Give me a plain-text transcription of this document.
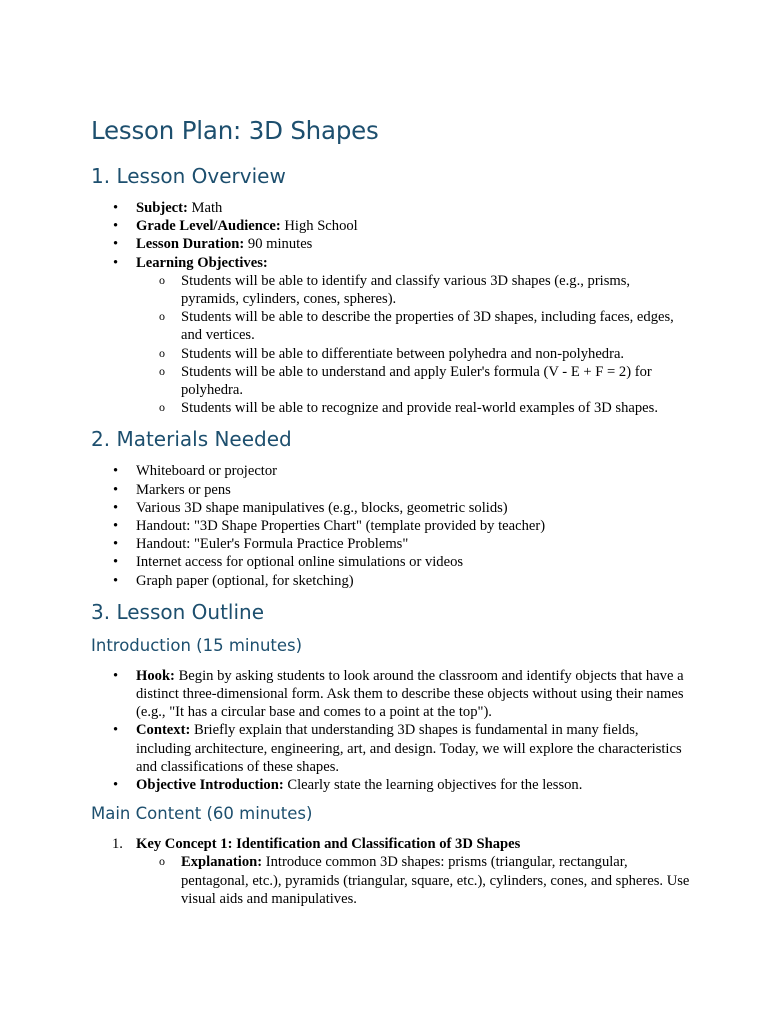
Lesson Plan: 3D Shapes
1. Lesson Overview
• Subject: Math
• Grade Level/Audience: High School
• Lesson Duration: 90 minutes
• Learning Objectives:
o Students will be able to identify and classify various 3D shapes (e.g., prisms, pyramids, cylinders, cones, spheres).
o Students will be able to describe the properties of 3D shapes, including faces, edges, and vertices.
o Students will be able to differentiate between polyhedra and non-polyhedra.
o Students will be able to understand and apply Euler's formula (V - E + F = 2) for polyhedra.
o Students will be able to recognize and provide real-world examples of 3D shapes.
2. Materials Needed
• Whiteboard or projector
• Markers or pens
• Various 3D shape manipulatives (e.g., blocks, geometric solids)
• Handout: "3D Shape Properties Chart" (template provided by teacher)
• Handout: "Euler's Formula Practice Problems"
• Internet access for optional online simulations or videos
• Graph paper (optional, for sketching)
3. Lesson Outline
Introduction (15 minutes)
• Hook: Begin by asking students to look around the classroom and identify objects that have a distinct three-dimensional form. Ask them to describe these objects without using their names (e.g., "It has a circular base and comes to a point at the top").
• Context: Briefly explain that understanding 3D shapes is fundamental in many fields, including architecture, engineering, art, and design. Today, we will explore the characteristics and classifications of these shapes.
• Objective Introduction: Clearly state the learning objectives for the lesson.
Main Content (60 minutes)
1. Key Concept 1: Identification and Classification of 3D Shapes
o Explanation: Introduce common 3D shapes: prisms (triangular, rectangular, pentagonal, etc.), pyramids (triangular, square, etc.), cylinders, cones, and spheres. Use visual aids and manipulatives.
